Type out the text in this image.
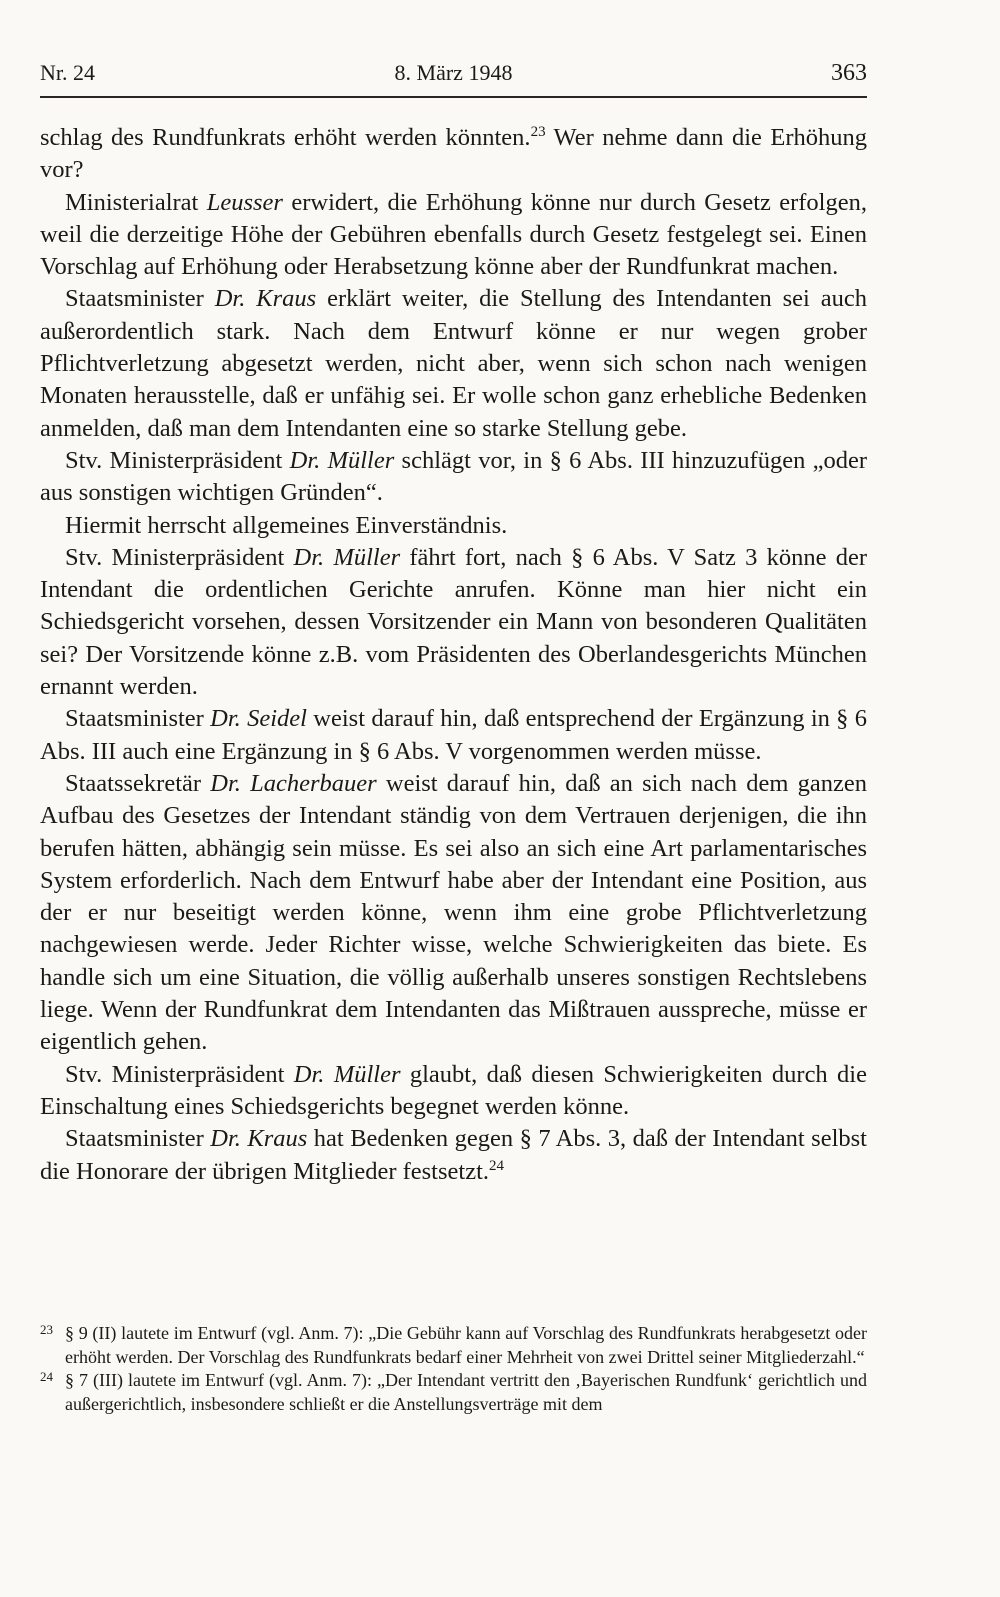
Nr. 24	8. März 1948	363

schlag des Rundfunkrats erhöht werden könnten.$^{23}$ Wer nehme dann die Erhöhung vor?

Ministerialrat Leusser erwidert, die Erhöhung könne nur durch Gesetz erfolgen, weil die derzeitige Höhe der Gebühren ebenfalls durch Gesetz festgelegt sei. Einen Vorschlag auf Erhöhung oder Herabsetzung könne aber der Rundfunkrat machen.

Staatsminister Dr. Kraus erklärt weiter, die Stellung des Intendanten sei auch außerordentlich stark. Nach dem Entwurf könne er nur wegen grober Pflichtverletzung abgesetzt werden, nicht aber, wenn sich schon nach wenigen Monaten herausstelle, daß er unfähig sei. Er wolle schon ganz erhebliche Bedenken anmelden, daß man dem Intendanten eine so starke Stellung gebe.

Stv. Ministerpräsident Dr. Müller schlägt vor, in § 6 Abs. III hinzuzufügen „oder aus sonstigen wichtigen Gründen“.

Hiermit herrscht allgemeines Einverständnis.

Stv. Ministerpräsident Dr. Müller fährt fort, nach § 6 Abs. V Satz 3 könne der Intendant die ordentlichen Gerichte anrufen. Könne man hier nicht ein Schiedsgericht vorsehen, dessen Vorsitzender ein Mann von besonderen Qualitäten sei? Der Vorsitzende könne z.B. vom Präsidenten des Oberlandesgerichts München ernannt werden.

Staatsminister Dr. Seidel weist darauf hin, daß entsprechend der Ergänzung in § 6 Abs. III auch eine Ergänzung in § 6 Abs. V vorgenommen werden müsse.

Staatssekretär Dr. Lacherbauer weist darauf hin, daß an sich nach dem ganzen Aufbau des Gesetzes der Intendant ständig von dem Vertrauen derjenigen, die ihn berufen hätten, abhängig sein müsse. Es sei also an sich eine Art parlamentarisches System erforderlich. Nach dem Entwurf habe aber der Intendant eine Position, aus der er nur beseitigt werden könne, wenn ihm eine grobe Pflichtverletzung nachgewiesen werde. Jeder Richter wisse, welche Schwierigkeiten das biete. Es handle sich um eine Situation, die völlig außerhalb unseres sonstigen Rechtslebens liege. Wenn der Rundfunkrat dem Intendanten das Mißtrauen ausspreche, müsse er eigentlich gehen.

Stv. Ministerpräsident Dr. Müller glaubt, daß diesen Schwierigkeiten durch die Einschaltung eines Schiedsgerichts begegnet werden könne.

Staatsminister Dr. Kraus hat Bedenken gegen § 7 Abs. 3, daß der Intendant selbst die Honorare der übrigen Mitglieder festsetzt.$^{24}$

23 § 9 (II) lautete im Entwurf (vgl. Anm. 7): „Die Gebühr kann auf Vorschlag des Rundfunkrats herabgesetzt oder erhöht werden. Der Vorschlag des Rundfunkrats bedarf einer Mehrheit von zwei Drittel seiner Mitgliederzahl.“
24 § 7 (III) lautete im Entwurf (vgl. Anm. 7): „Der Intendant vertritt den ‚Bayerischen Rundfunk‘ gerichtlich und außergerichtlich, insbesondere schließt er die Anstellungsverträge mit dem
